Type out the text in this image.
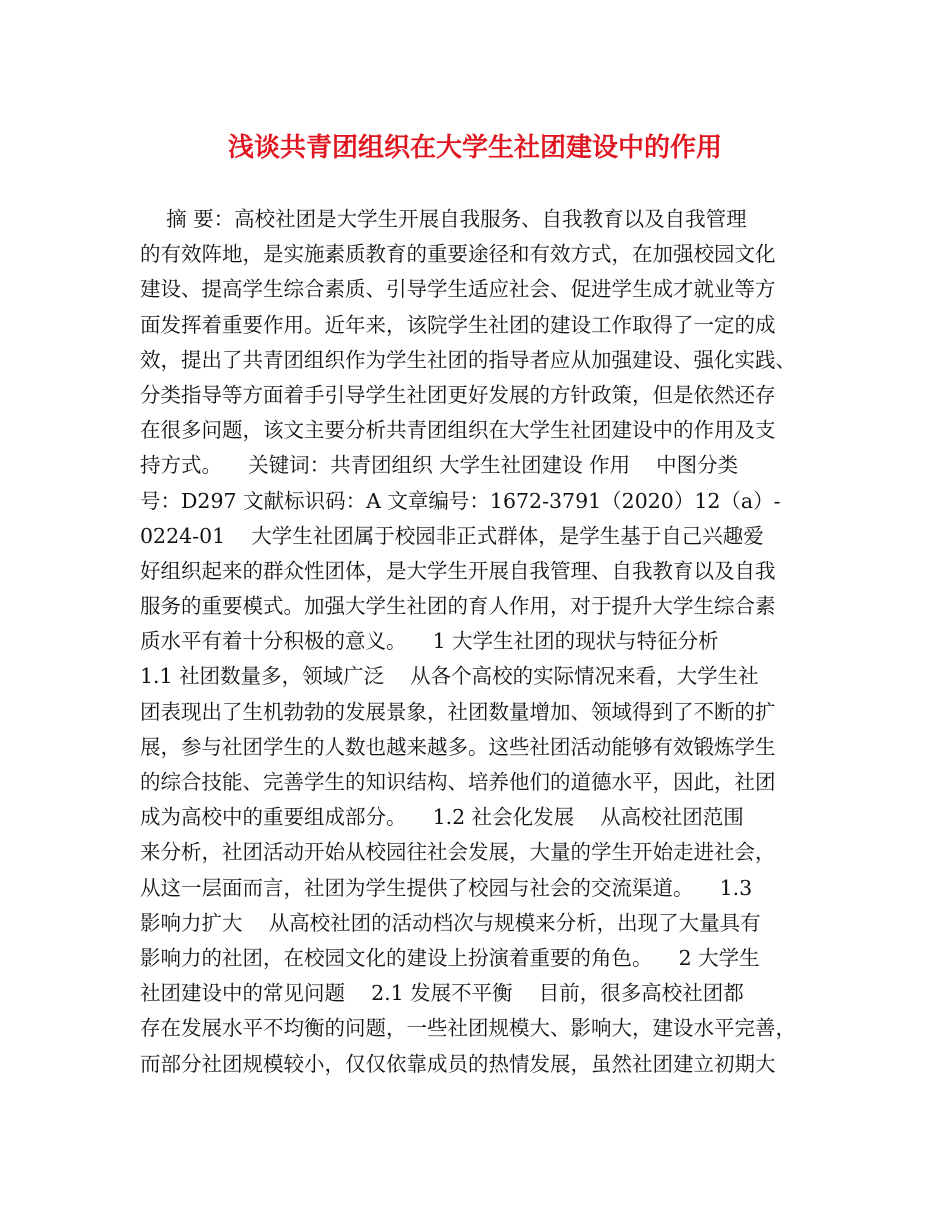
浅谈共青团组织在大学生社团建设中的作用
摘 要：高校社团是大学生开展自我服务、自我教育以及自我管理
的有效阵地，是实施素质教育的重要途径和有效方式，在加强校园文化
建设、提高学生综合素质、引导学生适应社会、促进学生成才就业等方
面发挥着重要作用。近年来，该院学生社团的建设工作取得了一定的成
效，提出了共青团组织作为学生社团的指导者应从加强建设、强化实践、
分类指导等方面着手引导学生社团更好发展的方针政策，但是依然还存
在很多问题，该文主要分析共青团组织在大学生社团建设中的作用及支
持方式。    关键词：共青团组织 大学生社团建设 作用    中图分类
号：D297 文献标识码：A 文章编号：1672-3791（2020）12（a）-
0224-01    大学生社团属于校园非正式群体，是学生基于自己兴趣爱
好组织起来的群众性团体，是大学生开展自我管理、自我教育以及自我
服务的重要模式。加强大学生社团的育人作用，对于提升大学生综合素
质水平有着十分积极的意义。    1 大学生社团的现状与特征分析
1.1 社团数量多，领域广泛    从各个高校的实际情况来看，大学生社
团表现出了生机勃勃的发展景象，社团数量增加、领域得到了不断的扩
展，参与社团学生的人数也越来越多。这些社团活动能够有效锻炼学生
的综合技能、完善学生的知识结构、培养他们的道德水平，因此，社团
成为高校中的重要组成部分。    1.2 社会化发展    从高校社团范围
来分析，社团活动开始从校园往社会发展，大量的学生开始走进社会，
从这一层面而言，社团为学生提供了校园与社会的交流渠道。    1.3
影响力扩大    从高校社团的活动档次与规模来分析，出现了大量具有
影响力的社团，在校园文化的建设上扮演着重要的角色。    2 大学生
社团建设中的常见问题    2.1 发展不平衡    目前，很多高校社团都
存在发展水平不均衡的问题，一些社团规模大、影响大，建设水平完善，
而部分社团规模较小，仅仅依靠成员的热情发展，虽然社团建立初期大
